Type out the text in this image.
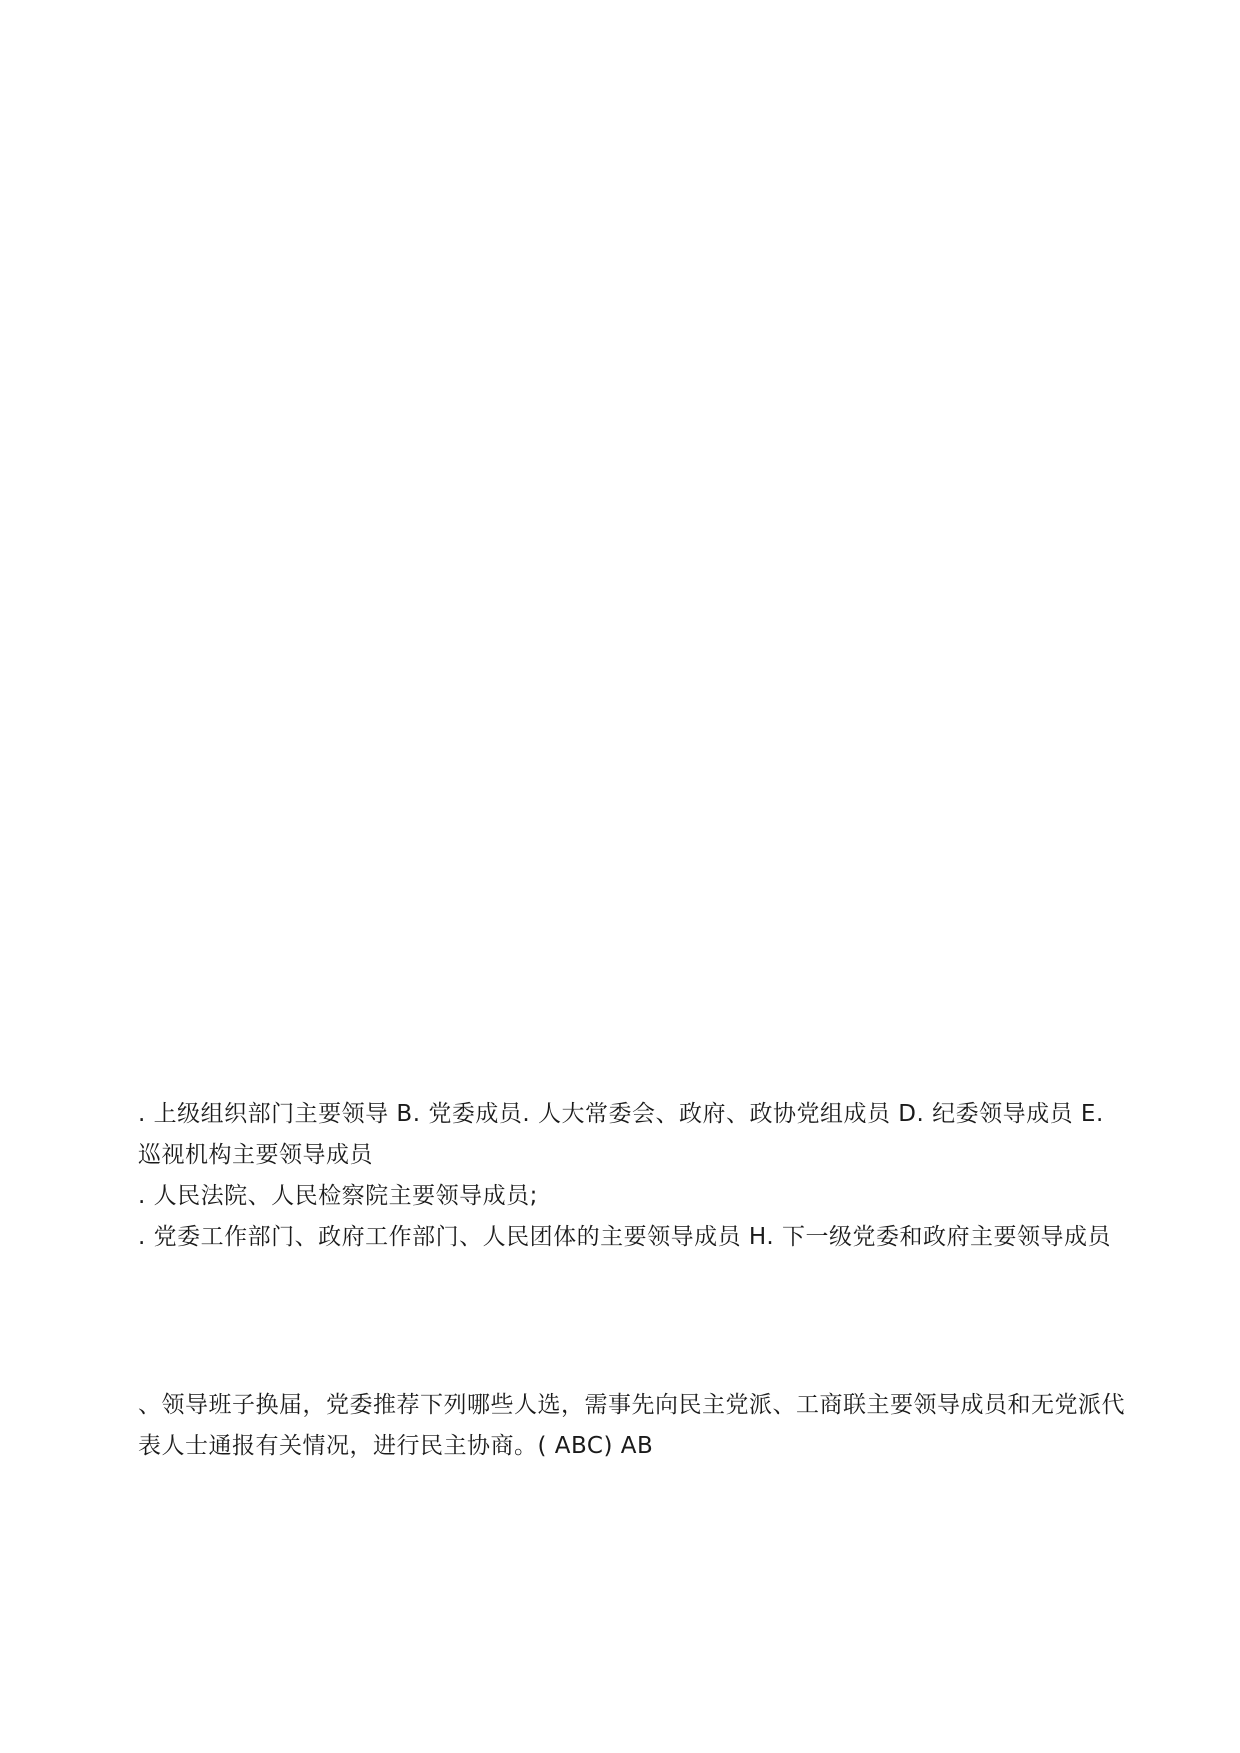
. 上级组织部门主要领导 B. 党委成员. 人大常委会、政府、政协党组成员 D. 纪委领导成员 E. 巡视机构主要领导成员

. 人民法院、人民检察院主要领导成员;

. 党委工作部门、政府工作部门、人民团体的主要领导成员 H. 下一级党委和政府主要领导成员

、领导班子换届，党委推荐下列哪些人选，需事先向民主党派、工商联主要领导成员和无党派代表人士通报有关情况，进行民主协商。( ABC) AB
